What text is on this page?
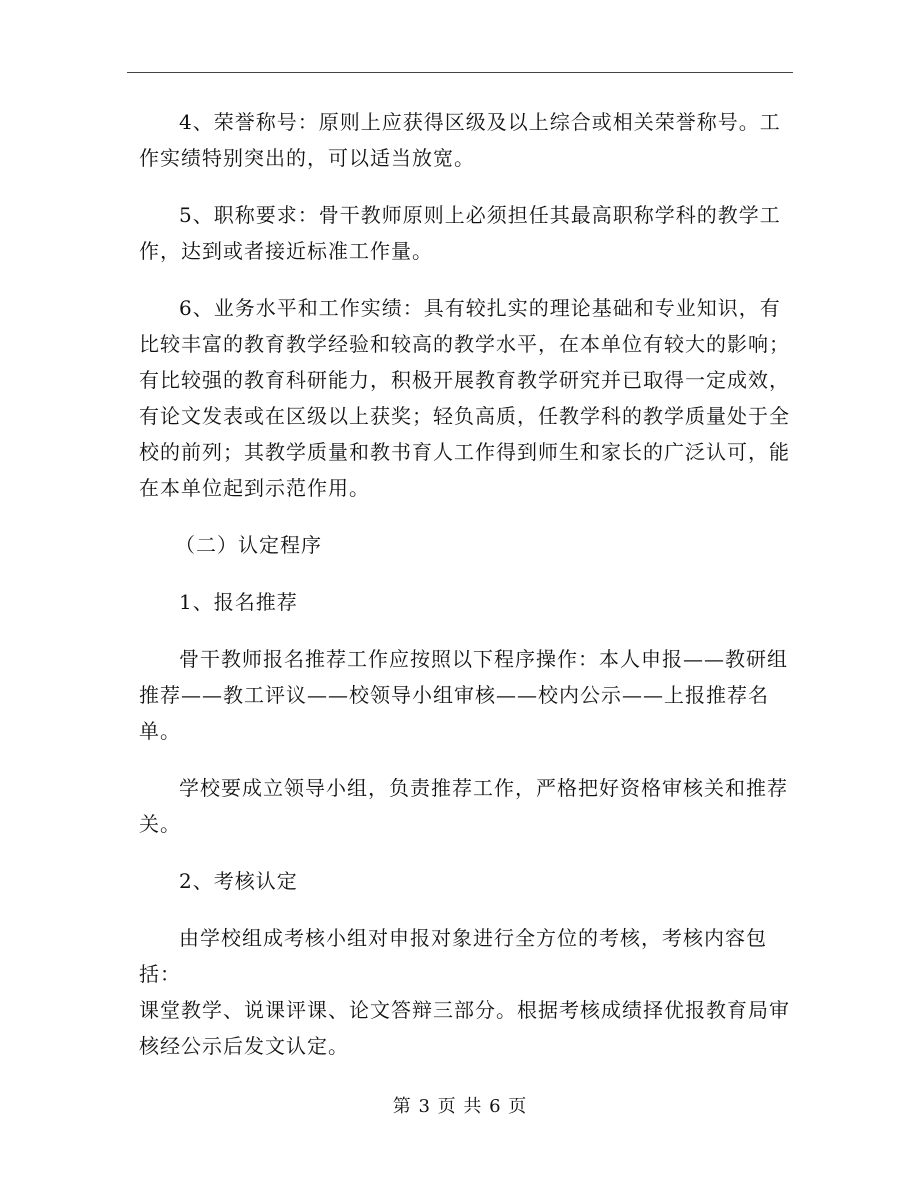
4、荣誉称号：原则上应获得区级及以上综合或相关荣誉称号。工
作实绩特别突出的，可以适当放宽。

5、职称要求：骨干教师原则上必须担任其最高职称学科的教学工
作，达到或者接近标准工作量。

6、业务水平和工作实绩：具有较扎实的理论基础和专业知识，有
比较丰富的教育教学经验和较高的教学水平，在本单位有较大的影响；
有比较强的教育科研能力，积极开展教育教学研究并已取得一定成效，
有论文发表或在区级以上获奖；轻负高质，任教学科的教学质量处于全
校的前列；其教学质量和教书育人工作得到师生和家长的广泛认可，能
在本单位起到示范作用。

（二）认定程序

1、报名推荐

骨干教师报名推荐工作应按照以下程序操作：本人申报——教研组
推荐——教工评议——校领导小组审核——校内公示——上报推荐名
单。

学校要成立领导小组，负责推荐工作，严格把好资格审核关和推荐
关。

2、考核认定

由学校组成考核小组对申报对象进行全方位的考核，考核内容包括：
课堂教学、说课评课、论文答辩三部分。根据考核成绩择优报教育局审
核经公示后发文认定。

第 3 页 共 6 页
